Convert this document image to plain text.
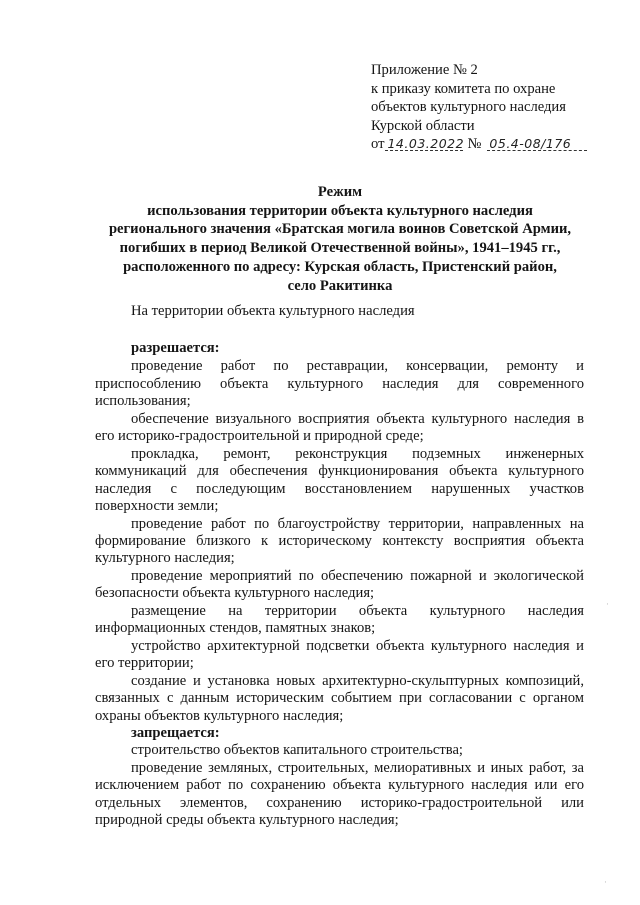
Приложение № 2
к приказу комитета по охране
объектов культурного наследия
Курской области
от 14.03.2022 № 05.4-08/176
Режим
использования территории объекта культурного наследия
регионального значения «Братская могила воинов Советской Армии,
погибших в период Великой Отечественной войны», 1941–1945 гг.,
расположенного по адресу: Курская область, Пристенский район,
село Ракитинка
На территории объекта культурного наследия

разрешается:

проведение работ по реставрации, консервации, ремонту и приспособлению объекта культурного наследия для современного использования;

обеспечение визуального восприятия объекта культурного наследия в его историко-градостроительной и природной среде;

прокладка, ремонт, реконструкция подземных инженерных коммуникаций для обеспечения функционирования объекта культурного наследия с последующим восстановлением нарушенных участков поверхности земли;

проведение работ по благоустройству территории, направленных на формирование близкого к историческому контексту восприятия объекта культурного наследия;

проведение мероприятий по обеспечению пожарной и экологической безопасности объекта культурного наследия;

размещение на территории объекта культурного наследия информационных стендов, памятных знаков;

устройство архитектурной подсветки объекта культурного наследия и его территории;

создание и установка новых архитектурно-скульптурных композиций, связанных с данным историческим событием при согласовании с органом охраны объектов культурного наследия;

запрещается:

строительство объектов капитального строительства;

проведение земляных, строительных, мелиоративных и иных работ, за исключением работ по сохранению объекта культурного наследия или его отдельных элементов, сохранению историко-градостроительной или природной среды объекта культурного наследия;

·
·
